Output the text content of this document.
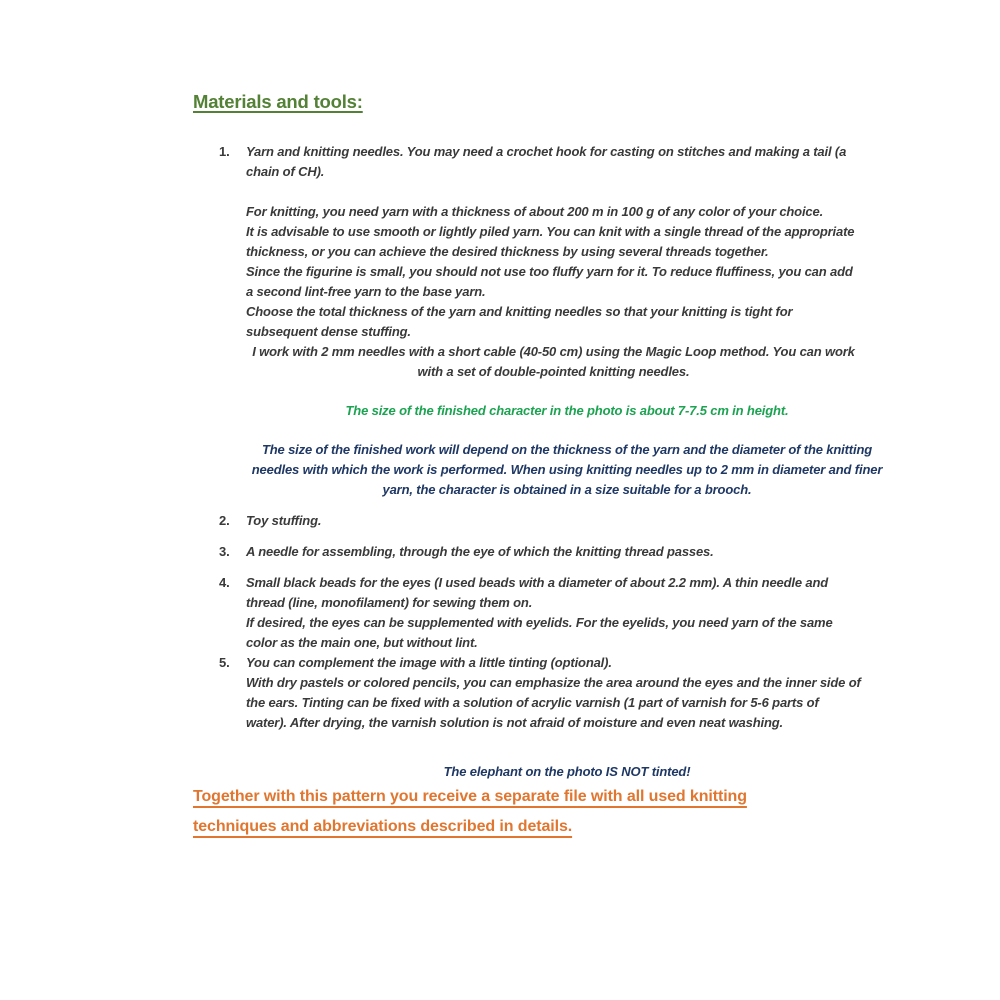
Materials and tools:
1.	Yarn and knitting needles. You may need a crochet hook for casting on stitches and making a tail (a chain of CH).

For knitting, you need yarn with a thickness of about 200 m in 100 g of any color of your choice.

It is advisable to use smooth or lightly piled yarn. You can knit with a single thread of the appropriate thickness, or you can achieve the desired thickness by using several threads together.

Since the figurine is small, you should not use too fluffy yarn for it. To reduce fluffiness, you can add a second lint-free yarn to the base yarn.

Choose the total thickness of the yarn and knitting needles so that your knitting is tight for subsequent dense stuffing.

I work with 2 mm needles with a short cable (40-50 cm) using the Magic Loop method. You can work with a set of double-pointed knitting needles.

The size of the finished character in the photo is about 7-7.5 cm in height.

The size of the finished work will depend on the thickness of the yarn and the diameter of the knitting needles with which the work is performed. When using knitting needles up to 2 mm in diameter and finer yarn, the character is obtained in a size suitable for a brooch.

2.	Toy stuffing.

3.	A needle for assembling, through the eye of which the knitting thread passes.

4.	Small black beads for the eyes (I used beads with a diameter of about 2.2 mm). A thin needle and thread (line, monofilament) for sewing them on.

If desired, the eyes can be supplemented with eyelids. For the eyelids, you need yarn of the same color as the main one, but without lint.

5.	You can complement the image with a little tinting (optional).

With dry pastels or colored pencils, you can emphasize the area around the eyes and the inner side of the ears. Tinting can be fixed with a solution of acrylic varnish (1 part of varnish for 5-6 parts of water). After drying, the varnish solution is not afraid of moisture and even neat washing.

The elephant on the photo IS NOT tinted!

Together with this pattern you receive a separate file with all used knitting techniques and abbreviations described in details.
